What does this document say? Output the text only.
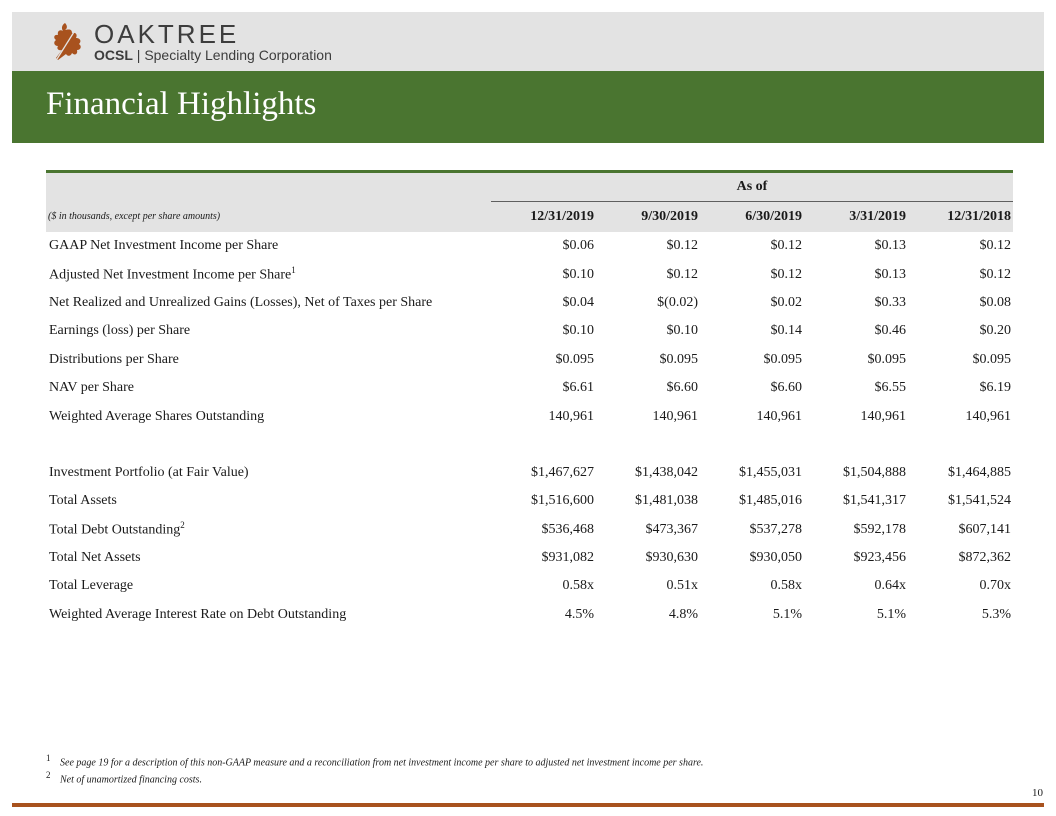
OAKTREE
OCSL | Specialty Lending Corporation
Financial Highlights
	As of				
($ in thousands, except per share amounts)	12/31/2019	9/30/2019	6/30/2019	3/31/2019	12/31/2018
GAAP Net Investment Income per Share	$0.06	$0.12	$0.12	$0.13	$0.12
Adjusted Net Investment Income per Share$^1$	$0.10	$0.12	$0.12	$0.13	$0.12
Net Realized and Unrealized Gains (Losses), Net of Taxes per Share	$0.04	$(0.02)	$0.02	$0.33	$0.08
Earnings (loss) per Share	$0.10	$0.10	$0.14	$0.46	$0.20
Distributions per Share	$0.095	$0.095	$0.095	$0.095	$0.095
NAV per Share	$6.61	$6.60	$6.60	$6.55	$6.19
Weighted Average Shares Outstanding	140,961	140,961	140,961	140,961	140,961

Investment Portfolio (at Fair Value)	$1,467,627	$1,438,042	$1,455,031	$1,504,888	$1,464,885
Total Assets	$1,516,600	$1,481,038	$1,485,016	$1,541,317	$1,541,524
Total Debt Outstanding$^2$	$536,468	$473,367	$537,278	$592,178	$607,141
Total Net Assets	$931,082	$930,630	$930,050	$923,456	$872,362
Total Leverage	0.58x	0.51x	0.58x	0.64x	0.70x
Weighted Average Interest Rate on Debt Outstanding	4.5%	4.8%	5.1%	5.1%	5.3%
$^1$ See page 19 for a description of this non-GAAP measure and a reconciliation from net investment income per share to adjusted net investment income per share.
$^2$ Net of unamortized financing costs.
10
